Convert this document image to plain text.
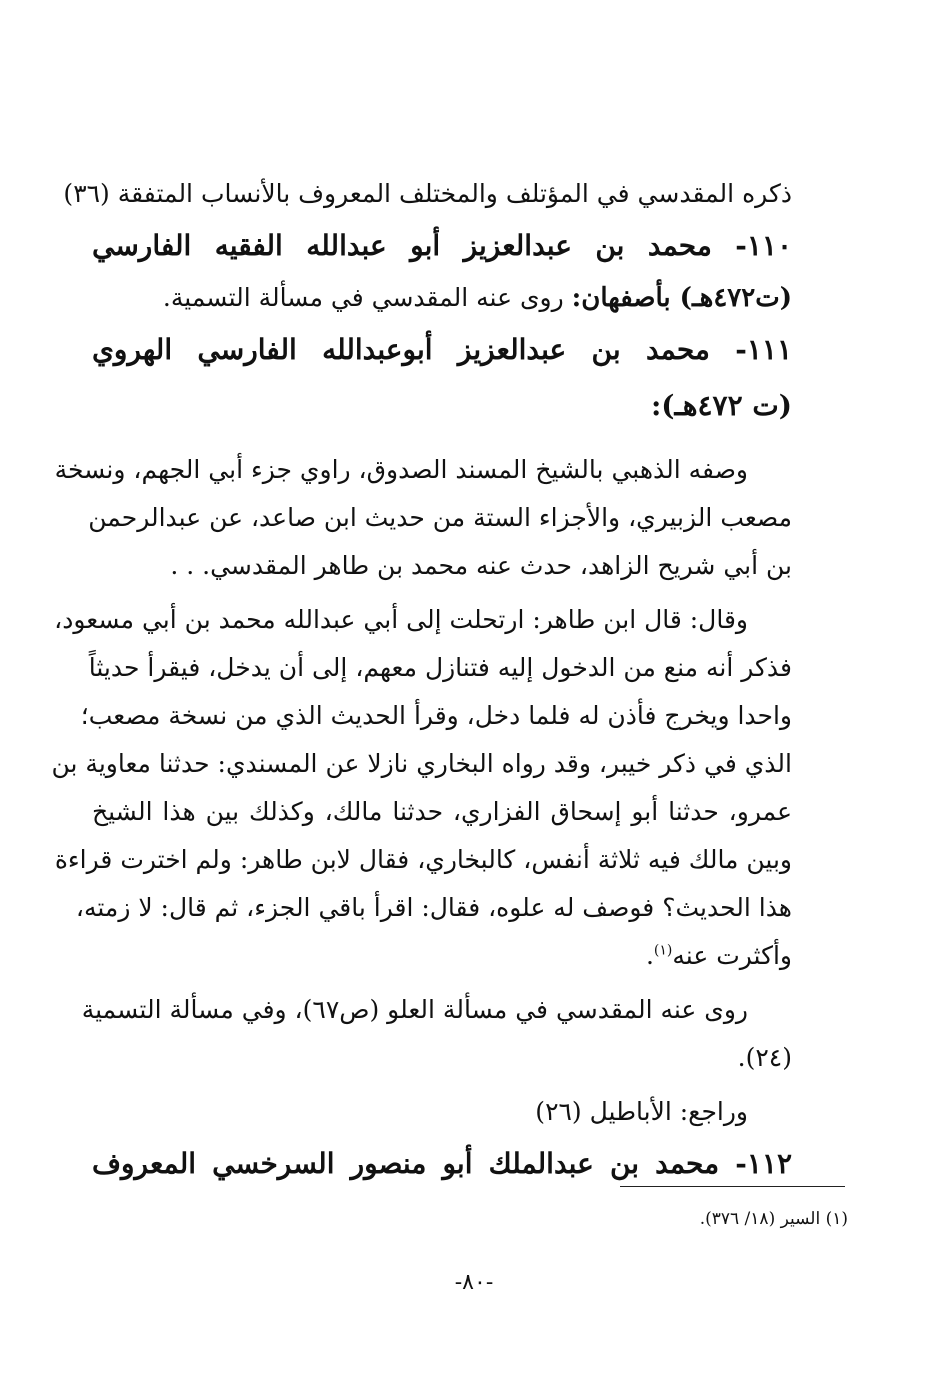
ذكره المقدسي في المؤتلف والمختلف المعروف بالأنساب المتفقة (٣٦)
١١٠- محمد بن عبدالعزيز أبو عبدالله الفقيه الفارسي
(ت٤٧٢هـ) بأصفهان: روى عنه المقدسي في مسألة التسمية.
١١١- محمد بن عبدالعزيز أبوعبدالله الفارسي الهروي
(ت ٤٧٢هـ):
وصفه الذهبي بالشيخ المسند الصدوق، راوي جزء أبي الجهم، ونسخة
مصعب الزبيري، والأجزاء الستة من حديث ابن صاعد، عن عبدالرحمن
بن أبي شريح الزاهد، حدث عنه محمد بن طاهر المقدسي. . .
وقال: قال ابن طاهر: ارتحلت إلى أبي عبدالله محمد بن أبي مسعود،
فذكر أنه منع من الدخول إليه فتنازل معهم، إلى أن يدخل، فيقرأ حديثاً
واحدا ويخرج فأذن له فلما دخل، وقرأ الحديث الذي من نسخة مصعب؛
الذي في ذكر خيبر، وقد رواه البخاري نازلا عن المسندي: حدثنا معاوية بن
عمرو، حدثنا أبو إسحاق الفزاري، حدثنا مالك، وكذلك بين هذا الشيخ
وبين مالك فيه ثلاثة أنفس، كالبخاري، فقال لابن طاهر: ولم اخترت قراءة
هذا الحديث؟ فوصف له علوه، فقال: اقرأ باقي الجزء، ثم قال: لا زمته،
وأكثرت عنه$^{(١)}$.
روى عنه المقدسي في مسألة العلو (ص٦٧)، وفي مسألة التسمية
(٢٤).
وراجع: الأباطيل (٢٦)
١١٢- محمد بن عبدالملك أبو منصور السرخسي المعروف
(١) السير (١٨/ ٣٧٦).
-٨٠-
